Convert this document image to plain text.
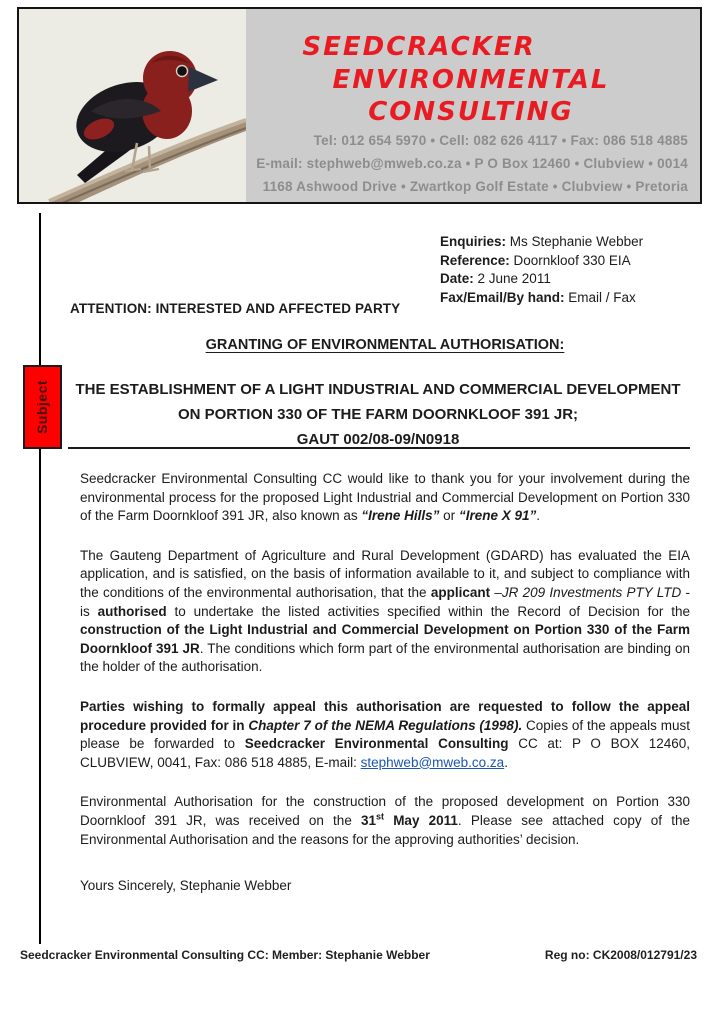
SEEDCRACKER
ENVIRONMENTAL CONSULTING
Tel: 012 654 5970 • Cell: 082 626 4117 • Fax: 086 518 4885
E-mail: stephweb@mweb.co.za • P O Box 12460 • Clubview • 0014
1168 Ashwood Drive • Zwartkop Golf Estate • Clubview • Pretoria
Subject
Enquiries: Ms Stephanie Webber
Reference: Doornkloof 330 EIA
Date: 2 June 2011
Fax/Email/By hand: Email / Fax
ATTENTION: INTERESTED AND AFFECTED PARTY
GRANTING OF ENVIRONMENTAL AUTHORISATION:
THE ESTABLISHMENT OF A LIGHT INDUSTRIAL AND COMMERCIAL DEVELOPMENT
ON PORTION 330 OF THE FARM DOORNKLOOF 391 JR;
GAUT 002/08-09/N0918

Seedcracker Environmental Consulting CC would like to thank you for your involvement during the environmental process for the proposed Light Industrial and Commercial Development on Portion 330 of the Farm Doornkloof 391 JR, also known as “Irene Hills” or “Irene X 91”.

The Gauteng Department of Agriculture and Rural Development (GDARD) has evaluated the EIA application, and is satisfied, on the basis of information available to it, and subject to compliance with the conditions of the environmental authorisation, that the applicant –JR 209 Investments PTY LTD - is authorised to undertake the listed activities specified within the Record of Decision for the construction of the Light Industrial and Commercial Development on Portion 330 of the Farm Doornkloof 391 JR. The conditions which form part of the environmental authorisation are binding on the holder of the authorisation.

Parties wishing to formally appeal this authorisation are requested to follow the appeal procedure provided for in Chapter 7 of the NEMA Regulations (1998). Copies of the appeals must please be forwarded to Seedcracker Environmental Consulting CC at: P O BOX 12460, CLUBVIEW, 0041, Fax: 086 518 4885, E-mail: stephweb@mweb.co.za.

Environmental Authorisation for the construction of the proposed development on Portion 330 Doornkloof 391 JR, was received on the 31st May 2011. Please see attached copy of the Environmental Authorisation and the reasons for the approving authorities’ decision.

Yours Sincerely, Stephanie Webber

Seedcracker Environmental Consulting CC: Member: Stephanie Webber	Reg no: CK2008/012791/23
